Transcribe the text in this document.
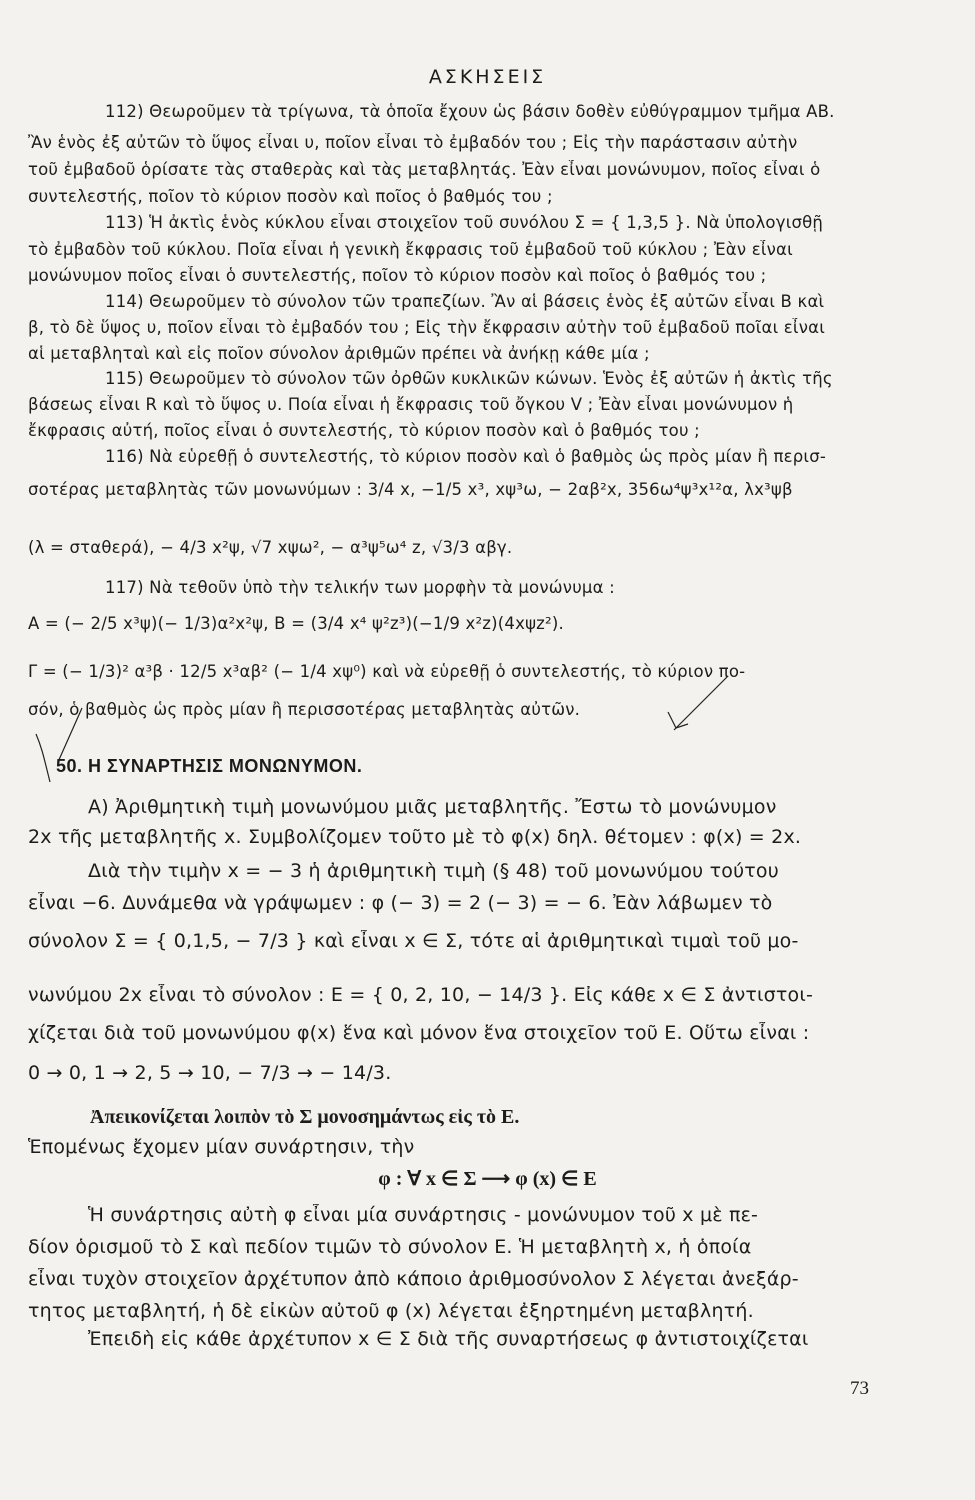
ΑΣΚΗΣΕΙΣ
112) Θεωροῦμεν τὰ τρίγωνα, τὰ ὁποῖα ἔχουν ὡς βάσιν δοθὲν εὐθύγραμμον τμῆμα ΑΒ.
Ἂν ἑνὸς ἐξ αὐτῶν τὸ ὕψος εἶναι υ, ποῖον εἶναι τὸ ἐμβαδόν του ; Εἰς τὴν παράστασιν αὐτὴν
τοῦ ἐμβαδοῦ ὁρίσατε τὰς σταθερὰς καὶ τὰς μεταβλητάς. Ἐὰν εἶναι μονώνυμον, ποῖος εἶναι ὁ
συντελεστής, ποῖον τὸ κύριον ποσὸν καὶ ποῖος ὁ βαθμός του ;
113) Ἡ ἀκτὶς ἑνὸς κύκλου εἶναι στοιχεῖον τοῦ συνόλου Σ = { 1,3,5 }. Νὰ ὑπολογισθῇ
τὸ ἐμβαδὸν τοῦ κύκλου. Ποῖα εἶναι ἡ γενικὴ ἔκφρασις τοῦ ἐμβαδοῦ τοῦ κύκλου ; Ἐὰν εἶναι
μονώνυμον ποῖος εἶναι ὁ συντελεστής, ποῖον τὸ κύριον ποσὸν καὶ ποῖος ὁ βαθμός του ;
114) Θεωροῦμεν τὸ σύνολον τῶν τραπεζίων. Ἂν αἱ βάσεις ἑνὸς ἐξ αὐτῶν εἶναι Β καὶ
β, τὸ δὲ ὕψος υ, ποῖον εἶναι τὸ ἐμβαδόν του ; Εἰς τὴν ἔκφρασιν αὐτὴν τοῦ ἐμβαδοῦ ποῖαι εἶναι
αἱ μεταβληταὶ καὶ εἰς ποῖον σύνολον ἀριθμῶν πρέπει νὰ ἀνήκῃ κάθε μία ;
115) Θεωροῦμεν τὸ σύνολον τῶν ὀρθῶν κυκλικῶν κώνων. Ἑνὸς ἐξ αὐτῶν ἡ ἀκτὶς τῆς
βάσεως εἶναι R καὶ τὸ ὕψος υ. Ποία εἶναι ἡ ἔκφρασις τοῦ ὄγκου V ; Ἐὰν εἶναι μονώνυμον ἡ
ἔκφρασις αὐτή, ποῖος εἶναι ὁ συντελεστής, τὸ κύριον ποσὸν καὶ ὁ βαθμός του ;
116) Νὰ εὑρεθῇ ὁ συντελεστής, τὸ κύριον ποσὸν καὶ ὁ βαθμὸς ὡς πρὸς μίαν ἢ περισ-
σοτέρας μεταβλητὰς τῶν μονωνύμων : 3/4 x, −1/5 x³, xψ³ω, − 2αβ²x, 356ω⁴ψ³x¹²α, λx³ψβ
(λ = σταθερά), − 4/3 x²ψ, √7 xψω², − α³ψ⁵ω⁴ z, √3/3 αβγ.
117) Νὰ τεθοῦν ὑπὸ τὴν τελικήν των μορφὴν τὰ μονώνυμα :
Α = (− 2/5 x³ψ)(− 1/3)α²x²ψ, Β = (3/4 x⁴ ψ²z³)(−1/9 x²z)(4xψz²).
Γ = (− 1/3)² α³β · 12/5 x³αβ² (− 1/4 xψ⁰) καὶ νὰ εὑρεθῇ ὁ συντελεστής, τὸ κύριον πο-
σόν, ὁ βαθμὸς ὡς πρὸς μίαν ἢ περισσοτέρας μεταβλητὰς αὐτῶν.
50. Η ΣΥΝΑΡΤΗΣΙΣ ΜΟΝΩΝΥΜΟΝ.
Α) Ἀριθμητικὴ τιμὴ μονωνύμου μιᾶς μεταβλητῆς. Ἔστω τὸ μονώνυμον
2x τῆς μεταβλητῆς x. Συμβολίζομεν τοῦτο μὲ τὸ φ(x) δηλ. θέτομεν : φ(x) = 2x.
Διὰ τὴν τιμὴν x = − 3 ἡ ἀριθμητικὴ τιμὴ (§ 48) τοῦ μονωνύμου τούτου
εἶναι −6. Δυνάμεθα νὰ γράψωμεν : φ (− 3) = 2 (− 3) = − 6. Ἐὰν λάβωμεν τὸ
σύνολον Σ = { 0,1,5, − 7/3 } καὶ εἶναι x ∈ Σ, τότε αἱ ἀριθμητικαὶ τιμαὶ τοῦ μο-
νωνύμου 2x εἶναι τὸ σύνολον : Ε = { 0, 2, 10, − 14/3 }. Εἰς κάθε x ∈ Σ ἀντιστοι-
χίζεται διὰ τοῦ μονωνύμου φ(x) ἕνα καὶ μόνον ἕνα στοιχεῖον τοῦ Ε. Οὕτω εἶναι :
0 → 0, 1 → 2, 5 → 10, − 7/3 → − 14/3.
Ἀπεικονίζεται λοιπὸν τὸ Σ μονοσημάντως εἰς τὸ Ε.
Ἑπομένως ἔχομεν μίαν συνάρτησιν, τὴν
φ : ∀ x ∈ Σ ⟶ φ (x) ∈ Ε
Ἡ συνάρτησις αὐτὴ φ εἶναι μία συνάρτησις - μονώνυμον τοῦ x μὲ πε-
δίον ὁρισμοῦ τὸ Σ καὶ πεδίον τιμῶν τὸ σύνολον Ε. Ἡ μεταβλητὴ x, ἡ ὁποία
εἶναι τυχὸν στοιχεῖον ἀρχέτυπον ἀπὸ κάποιο ἀριθμοσύνολον Σ λέγεται ἀνεξάρ-
τητος μεταβλητή, ἡ δὲ εἰκὼν αὐτοῦ φ (x) λέγεται ἐξηρτημένη μεταβλητή.
Ἐπειδὴ εἰς κάθε ἀρχέτυπον x ∈ Σ διὰ τῆς συναρτήσεως φ ἀντιστοιχίζεται
73
